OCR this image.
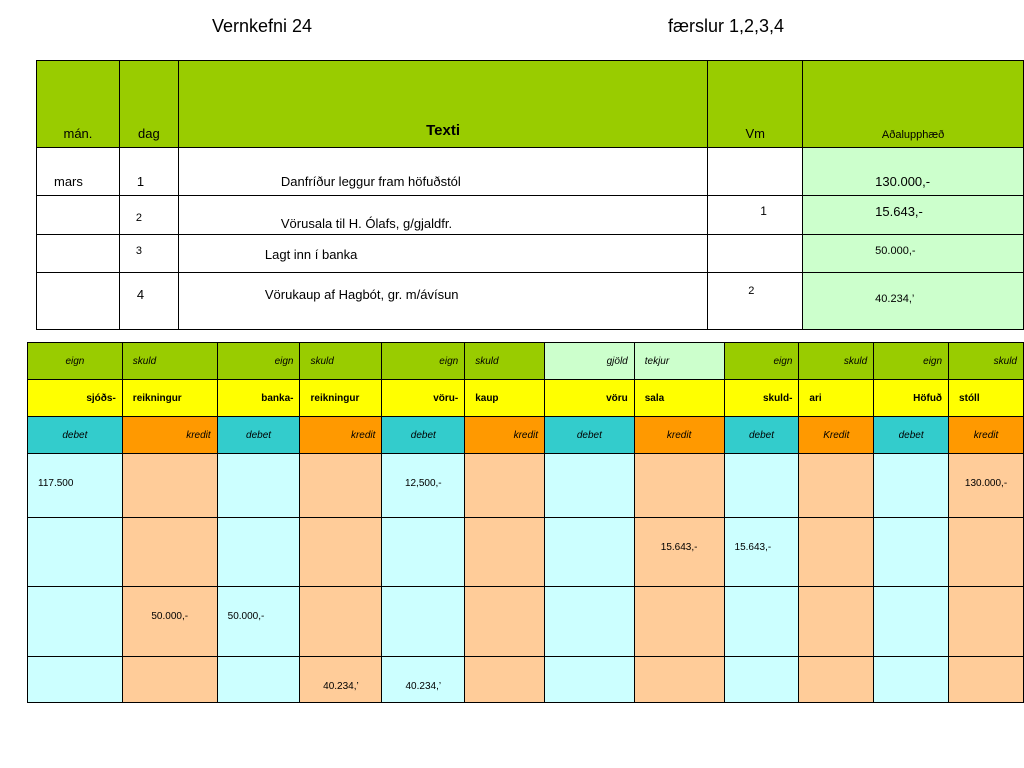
Vernkefni 24	færslur 1,2,3,4
mán.	dag	Texti	Vm	Aðalupphæð

mars	1	Danfríður leggur fram höfuðstól		130.000,-

	2	Vörusala til H. Ólafs, g/gjaldfr.	1	15.643,-

	3	Lagt inn í banka		50.000,-

	4	Vörukaup af Hagbót, gr. m/ávísun	2	40.234,’
eign	skuld	eign	skuld	eign	skuld	gjöld	tekjur	eign	skuld	eign	skuld
sjóðs-	reikningur	banka-	reikningur	vöru-	kaup	vöru	sala	skuld-	ari	Höfuð	stóll
debet	kredit	debet	kredit	debet	kredit	debet	kredit	debet	Kredit	debet	kredit

117.500				12,500,-							130.000,-

							15.643,-	15.643,-			

	50.000,-	50.000,-									

			40.234,’	40.234,’							
